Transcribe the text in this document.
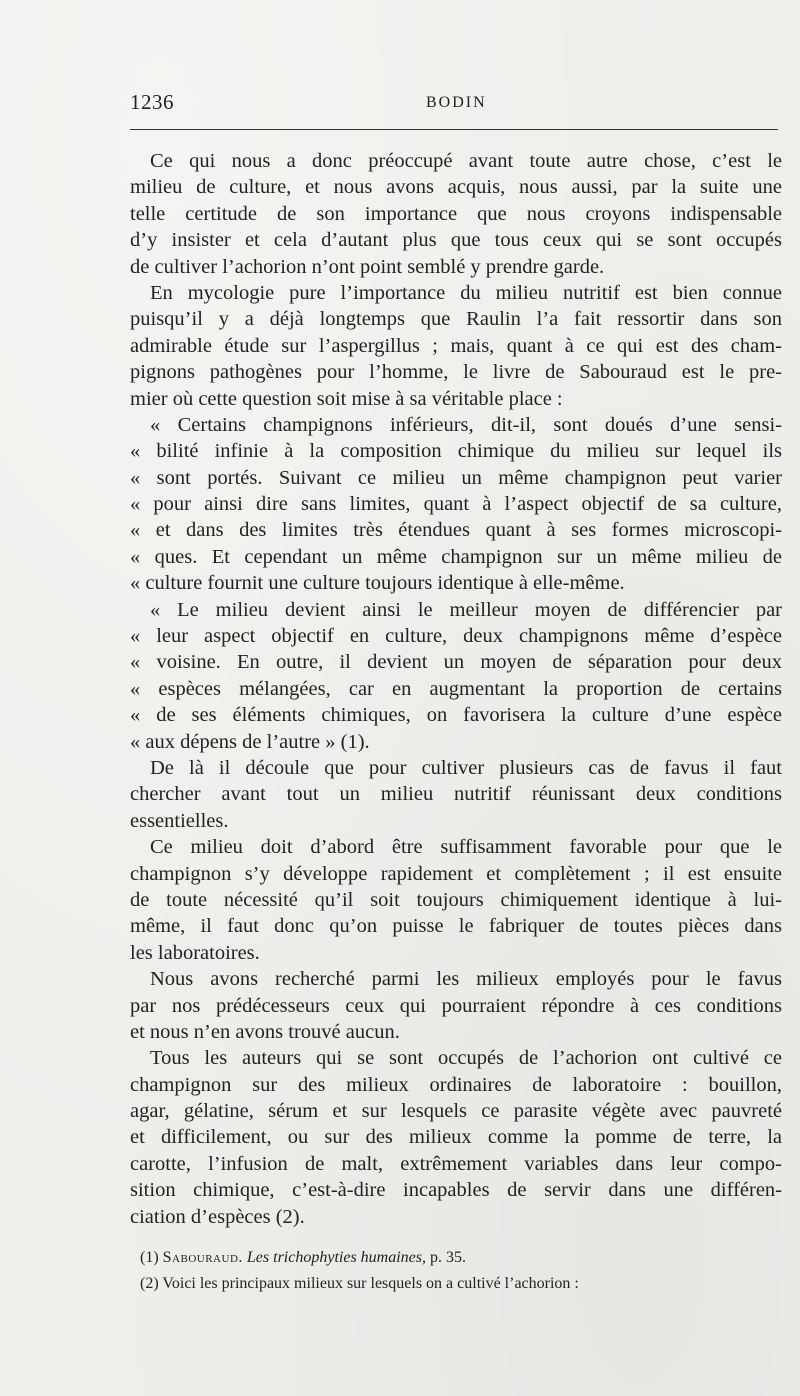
1236	BODIN
Ce qui nous a donc préoccupé avant toute autre chose, c’est le
milieu de culture, et nous avons acquis, nous aussi, par la suite une
telle certitude de son importance que nous croyons indispensable
d’y insister et cela d’autant plus que tous ceux qui se sont occupés
de cultiver l’achorion n’ont point semblé y prendre garde.
En mycologie pure l’importance du milieu nutritif est bien connue
puisqu’il y a déjà longtemps que Raulin l’a fait ressortir dans son
admirable étude sur l’aspergillus ; mais, quant à ce qui est des cham-
pignons pathogènes pour l’homme, le livre de Sabouraud est le pre-
mier où cette question soit mise à sa véritable place :
« Certains champignons inférieurs, dit-il, sont doués d’une sensi-
« bilité infinie à la composition chimique du milieu sur lequel ils
« sont portés. Suivant ce milieu un même champignon peut varier
« pour ainsi dire sans limites, quant à l’aspect objectif de sa culture,
« et dans des limites très étendues quant à ses formes microscopi-
« ques. Et cependant un même champignon sur un même milieu de
« culture fournit une culture toujours identique à elle-même.
« Le milieu devient ainsi le meilleur moyen de différencier par
« leur aspect objectif en culture, deux champignons même d’espèce
« voisine. En outre, il devient un moyen de séparation pour deux
« espèces mélangées, car en augmentant la proportion de certains
« de ses éléments chimiques, on favorisera la culture d’une espèce
« aux dépens de l’autre » (1).
De là il découle que pour cultiver plusieurs cas de favus il faut
chercher avant tout un milieu nutritif réunissant deux conditions
essentielles.
Ce milieu doit d’abord être suffisamment favorable pour que le
champignon s’y développe rapidement et complètement ; il est ensuite
de toute nécessité qu’il soit toujours chimiquement identique à lui-
même, il faut donc qu’on puisse le fabriquer de toutes pièces dans
les laboratoires.
Nous avons recherché parmi les milieux employés pour le favus
par nos prédécesseurs ceux qui pourraient répondre à ces conditions
et nous n’en avons trouvé aucun.
Tous les auteurs qui se sont occupés de l’achorion ont cultivé ce
champignon sur des milieux ordinaires de laboratoire : bouillon,
agar, gélatine, sérum et sur lesquels ce parasite végète avec pauvreté
et difficilement, ou sur des milieux comme la pomme de terre, la
carotte, l’infusion de malt, extrêmement variables dans leur compo-
sition chimique, c’est-à-dire incapables de servir dans une différen-
ciation d’espèces (2).
(1) Sabouraud. Les trichophyties humaines, p. 35.
(2) Voici les principaux milieux sur lesquels on a cultivé l’achorion :
